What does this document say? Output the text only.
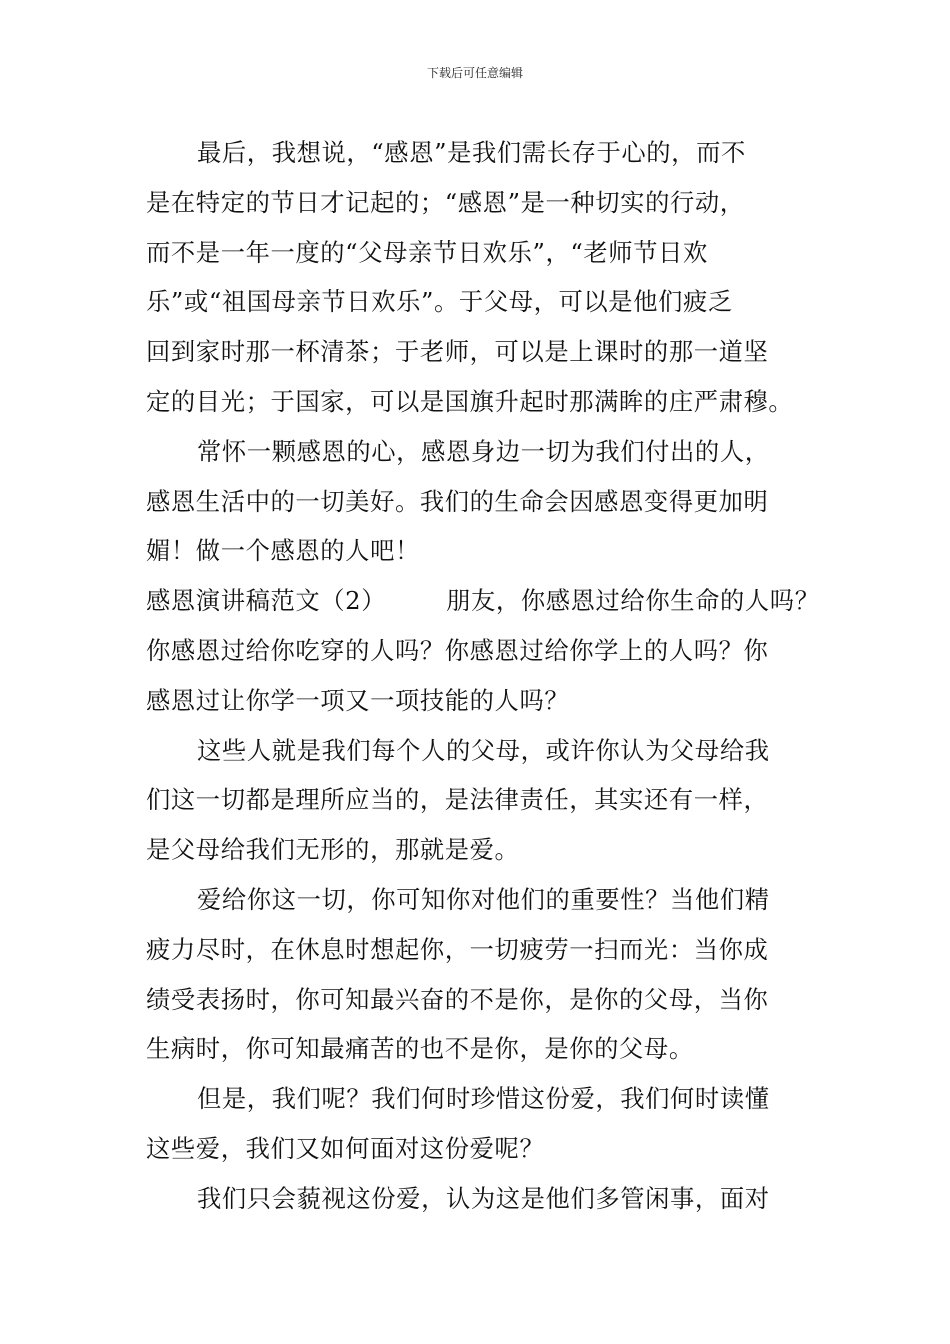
下载后可任意编辑

最后，我想说，“感恩”是我们需长存于心的，而不
是在特定的节日才记起的；“感恩”是一种切实的行动，
而不是一年一度的“父母亲节日欢乐”，“老师节日欢
乐”或“祖国母亲节日欢乐”。于父母，可以是他们疲乏
回到家时那一杯清茶；于老师，可以是上课时的那一道坚
定的目光；于国家，可以是国旗升起时那满眸的庄严肃穆。

常怀一颗感恩的心，感恩身边一切为我们付出的人，
感恩生活中的一切美好。我们的生命会因感恩变得更加明
媚！做一个感恩的人吧！

感恩演讲稿范文（2） 朋友，你感恩过给你生命的人吗？

你感恩过给你吃穿的人吗？你感恩过给你学上的人吗？你
感恩过让你学一项又一项技能的人吗？

这些人就是我们每个人的父母，或许你认为父母给我
们这一切都是理所应当的，是法律责任，其实还有一样，
是父母给我们无形的，那就是爱。

爱给你这一切，你可知你对他们的重要性？当他们精
疲力尽时，在休息时想起你，一切疲劳一扫而光：当你成
绩受表扬时，你可知最兴奋的不是你，是你的父母，当你
生病时，你可知最痛苦的也不是你，是你的父母。

但是，我们呢？我们何时珍惜这份爱，我们何时读懂
这些爱，我们又如何面对这份爱呢？

我们只会藐视这份爱，认为这是他们多管闲事，面对
